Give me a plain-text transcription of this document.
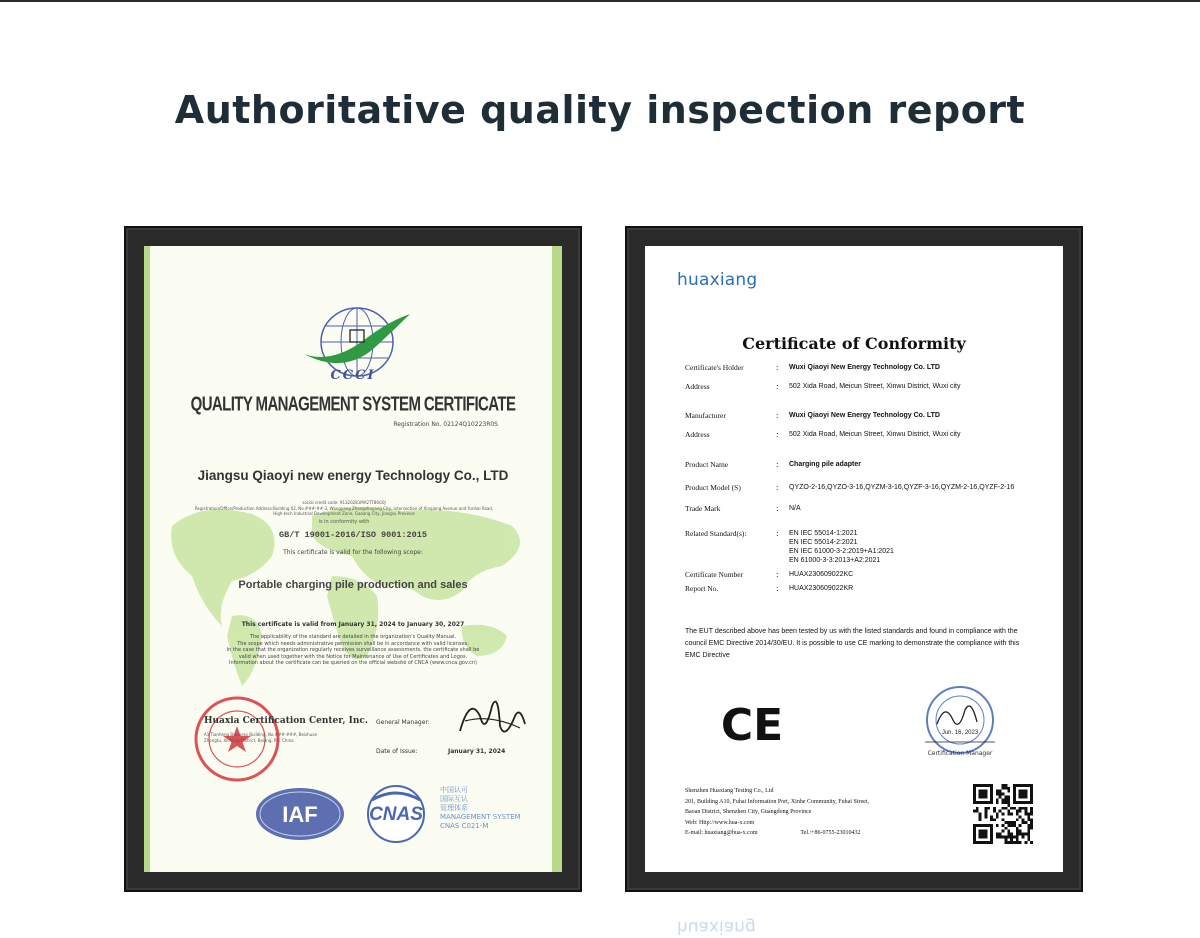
Authoritative quality inspection report
CCCI
QUALITY MANAGEMENT SYSTEM CERTIFICATE
Registration No. 02124Q10223R0S
Jiangsu Qiaoyi new energy Technology Co., LTD
social credit code: 91320281MA2TT86G0J
Registration/Office/Production Address:Building 02, No.###-##-3, Wangyang Zhongshuyang City, intersection of Xinqiang Avenue and Yunhai Road, High-tech Industrial Development Zone, Gaoang City, Jiangsu Province
is in conformity with
GB/T 19001-2016/ISO 9001:2015
This certificate is valid for the following scope:
Portable charging pile production and sales
This certificate is valid from January 31, 2024 to January 30, 2027
The applicability of the standard are detailed in the organization's Quality Manual.
The scope which needs administrative permission shall be in accordance with valid licenses.
In the case that the organization regularly receives surveillance assessments, the certificate shall be
valid when used together with the Notice for Maintenance of Use of Certificates and Logos.
Information about the certificate can be queried on the official website of CNCA (www.cnca.gov.cn)
Huaxia Certification Center, Inc.
A1 Tianheng Business Building, No.###-###, Beishuan Zhongtu, Xicheng District, Beijing, P.R. China
General Manager:
Date of Issue:	January 31, 2024
IAF	CNAS
中国认可
国际互认
管理体系
MANAGEMENT SYSTEM
CNAS C021-M
huaxiang
Certificate of Conformity
Certificate's Holder	: Wuxi Qiaoyi New Energy Technology Co. LTD
Address	: 502 Xida Road, Meicun Street, Xinwu District, Wuxi city
Manufacturer	: Wuxi Qiaoyi New Energy Technology Co. LTD
Address	: 502 Xida Road, Meicun Street, Xinwu District, Wuxi city
Product Name	: Charging pile adapter
Product Model (S)	: QYZO-2-16,QYZO-3-16,QYZM-3-16,QYZF-3-16,QYZM-2-16,QYZF-2-16
Trade Mark	: N/A
Related Standard(s):	: EN IEC 55014-1:2021
EN IEC 55014-2:2021
EN IEC 61000-3-2:2019+A1:2021
EN 61000-3-3:2013+A2:2021
Certificate Number	: HUAX230609022KC
Report No.	: HUAX230609022KR
The EUT described above has been tested by us with the listed standards and found in compliance with the council EMC Directive 2014/30/EU. It is possible to use CE marking to demonstrate the compliance with this EMC Directive
CE	Jun. 16, 2023
Certification Manager
Shenzhen Huaxiang Testing Co., Ltd
201, Building A10, Fuhai Information Port, Xinhe Community, Fuhai Street,
Baoan District, Shenzhen City, Guangdong Province
Web: Http://www.hua-x.com
E-mail: huaxiang@hua-x.com	Tel.:+86-0755-23010432
huaxiang
